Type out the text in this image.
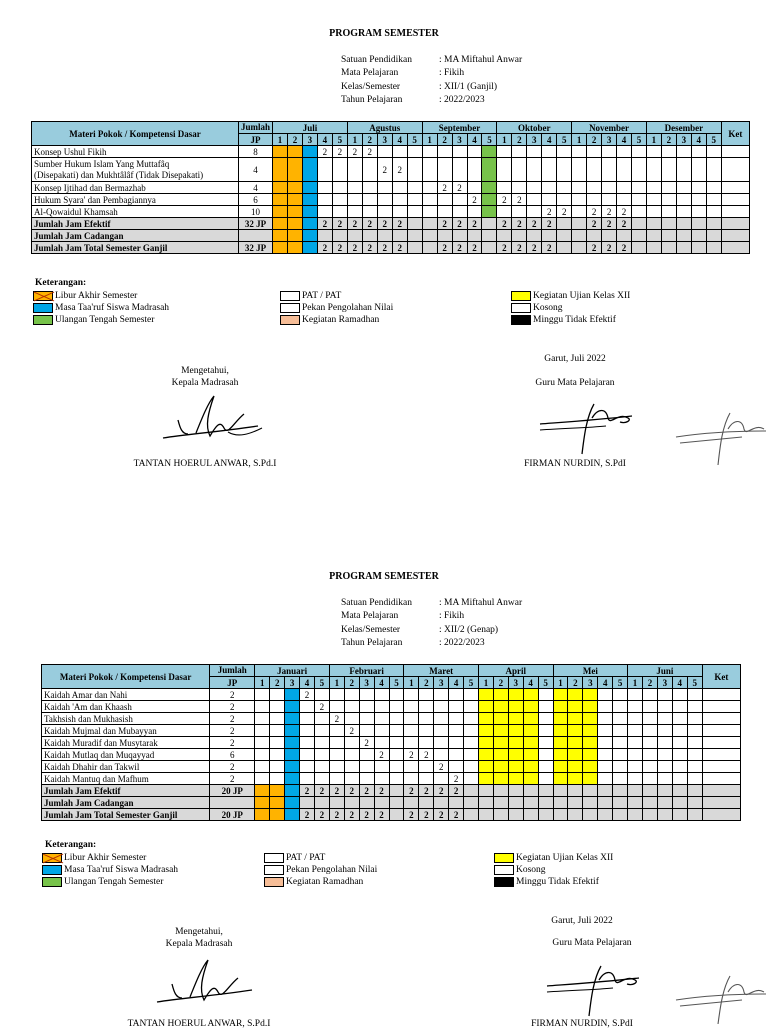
PROGRAM SEMESTER
Satuan Pendidikan	: MA Miftahul Anwar
Mata Pelajaran	: Fikih
Kelas/Semester	: XII/1 (Ganjil)
Tahun Pelajaran	: 2022/2023
Materi Pokok / Kompetensi Dasar	Jumlah	Juli					Agustus					September					Oktober					November					Desember					Ket
	JP	1	2	3	4	5	1	2	3	4	5	1	2	3	4	5	1	2	3	4	5	1	2	3	4	5	1	2	3	4	5	
Konsep Ushul Fikih	8				2	2	2	2																								
Sumber Hukum Islam Yang Muttafâq
(Disepakati) dan Mukhtâlâf (Tidak Disepakati)	4								2	2																						
Konsep Ijtihad dan Bermazhab	4												2	2																		
Hukum Syara' dan Pembagiannya	6														2		2	2														
Al-Qowaidul Khamsah	10																			2	2		2	2	2							
Jumlah Jam Efektif	32 JP				2	2	2	2	2	2			2	2	2		2	2	2	2			2	2	2							
Jumlah Jam Cadangan																																
Jumlah Jam Total Semester Ganjil	32 JP				2	2	2	2	2	2			2	2	2		2	2	2	2			2	2	2							
Keterangan:
Libur Akhir Semester
Masa Taa'ruf Siswa Madrasah
Ulangan Tengah Semester
PAT / PAT
Pekan Pengolahan Nilai
Kegiatan Ramadhan
Kegiatan Ujian Kelas XII
Kosong
Minggu Tidak Efektif
Garut, Juli 2022
Mengetahui,
Kepala Madrasah	Guru Mata Pelajaran
TANTAN HOERUL ANWAR, S.Pd.I	FIRMAN NURDIN, S.PdI
PROGRAM SEMESTER
Satuan Pendidikan	: MA Miftahul Anwar
Mata Pelajaran	: Fikih
Kelas/Semester	: XII/2 (Genap)
Tahun Pelajaran	: 2022/2023
Materi Pokok / Kompetensi Dasar	Jumlah	Januari					Februari					Maret					April					Mei					Juni					Ket
	JP	1	2	3	4	5	1	2	3	4	5	1	2	3	4	5	1	2	3	4	5	1	2	3	4	5	1	2	3	4	5	
Kaidah Amar dan Nahi	2				2																											
Kaidah 'Am dan Khaash	2					2																										
Takhsish dan Mukhasish	2						2																									
Kaidah Mujmal dan Mubayyan	2							2																								
Kaidah Muradif dan Musytarak	2								2																							
Kaidah Mutlaq dan Muqayyad	6									2		2	2																			
Kaidah Dhahir dan Takwil	2													2																		
Kaidah Mantuq dan Mafhum	2														2																	
Jumlah Jam Efektif	20 JP				2	2	2	2	2	2		2	2	2	2																	
Jumlah Jam Cadangan																																
Jumlah Jam Total Semester Ganjil	20 JP				2	2	2	2	2	2		2	2	2	2																	
Keterangan:
Libur Akhir Semester
Masa Taa'ruf Siswa Madrasah
Ulangan Tengah Semester
PAT / PAT
Pekan Pengolahan Nilai
Kegiatan Ramadhan
Kegiatan Ujian Kelas XII
Kosong
Minggu Tidak Efektif
Garut, Juli 2022
Mengetahui,
Kepala Madrasah	Guru Mata Pelajaran
TANTAN HOERUL ANWAR, S.Pd.I	FIRMAN NURDIN, S.PdI
